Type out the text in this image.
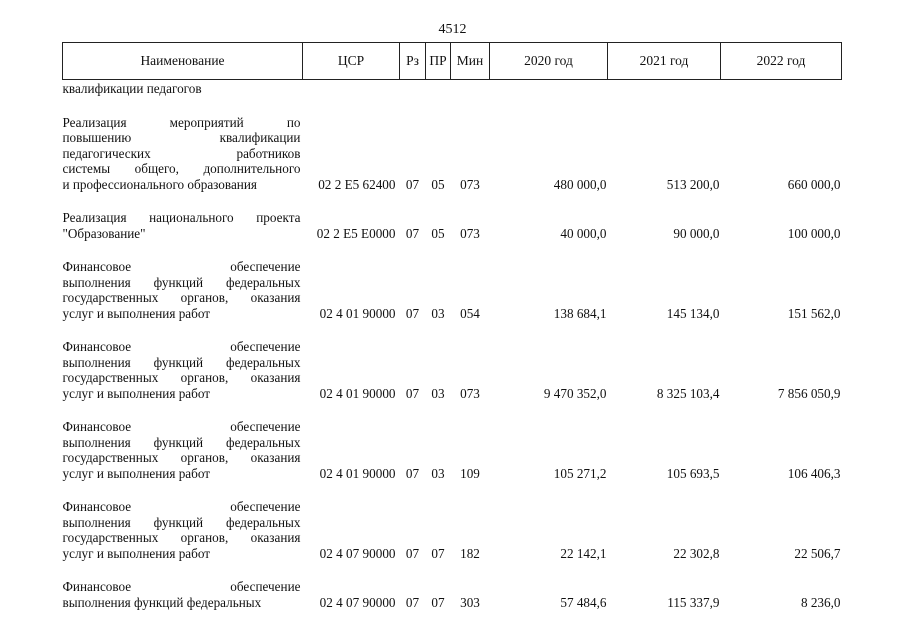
4512
Наименование	ЦСР	Рз	ПР	Мин	2020 год	2021 год	2022 год

квалификации педагогов							

Реализация мероприятий по
повышению квалификации
педагогических работников
системы общего, дополнительного
и профессионального образования	02 2 E5 62400	07	05	073	480 000,0	513 200,0	660 000,0

Реализация национального проекта
"Образование"	02 2 E5 E0000	07	05	073	40 000,0	90 000,0	100 000,0

Финансовое обеспечение
выполнения функций федеральных
государственных органов, оказания
услуг и выполнения работ	02 4 01 90000	07	03	054	138 684,1	145 134,0	151 562,0

Финансовое обеспечение
выполнения функций федеральных
государственных органов, оказания
услуг и выполнения работ	02 4 01 90000	07	03	073	9 470 352,0	8 325 103,4	7 856 050,9

Финансовое обеспечение
выполнения функций федеральных
государственных органов, оказания
услуг и выполнения работ	02 4 01 90000	07	03	109	105 271,2	105 693,5	106 406,3

Финансовое обеспечение
выполнения функций федеральных
государственных органов, оказания
услуг и выполнения работ	02 4 07 90000	07	07	182	22 142,1	22 302,8	22 506,7

Финансовое обеспечение
выполнения функций федеральных	02 4 07 90000	07	07	303	57 484,6	115 337,9	8 236,0
